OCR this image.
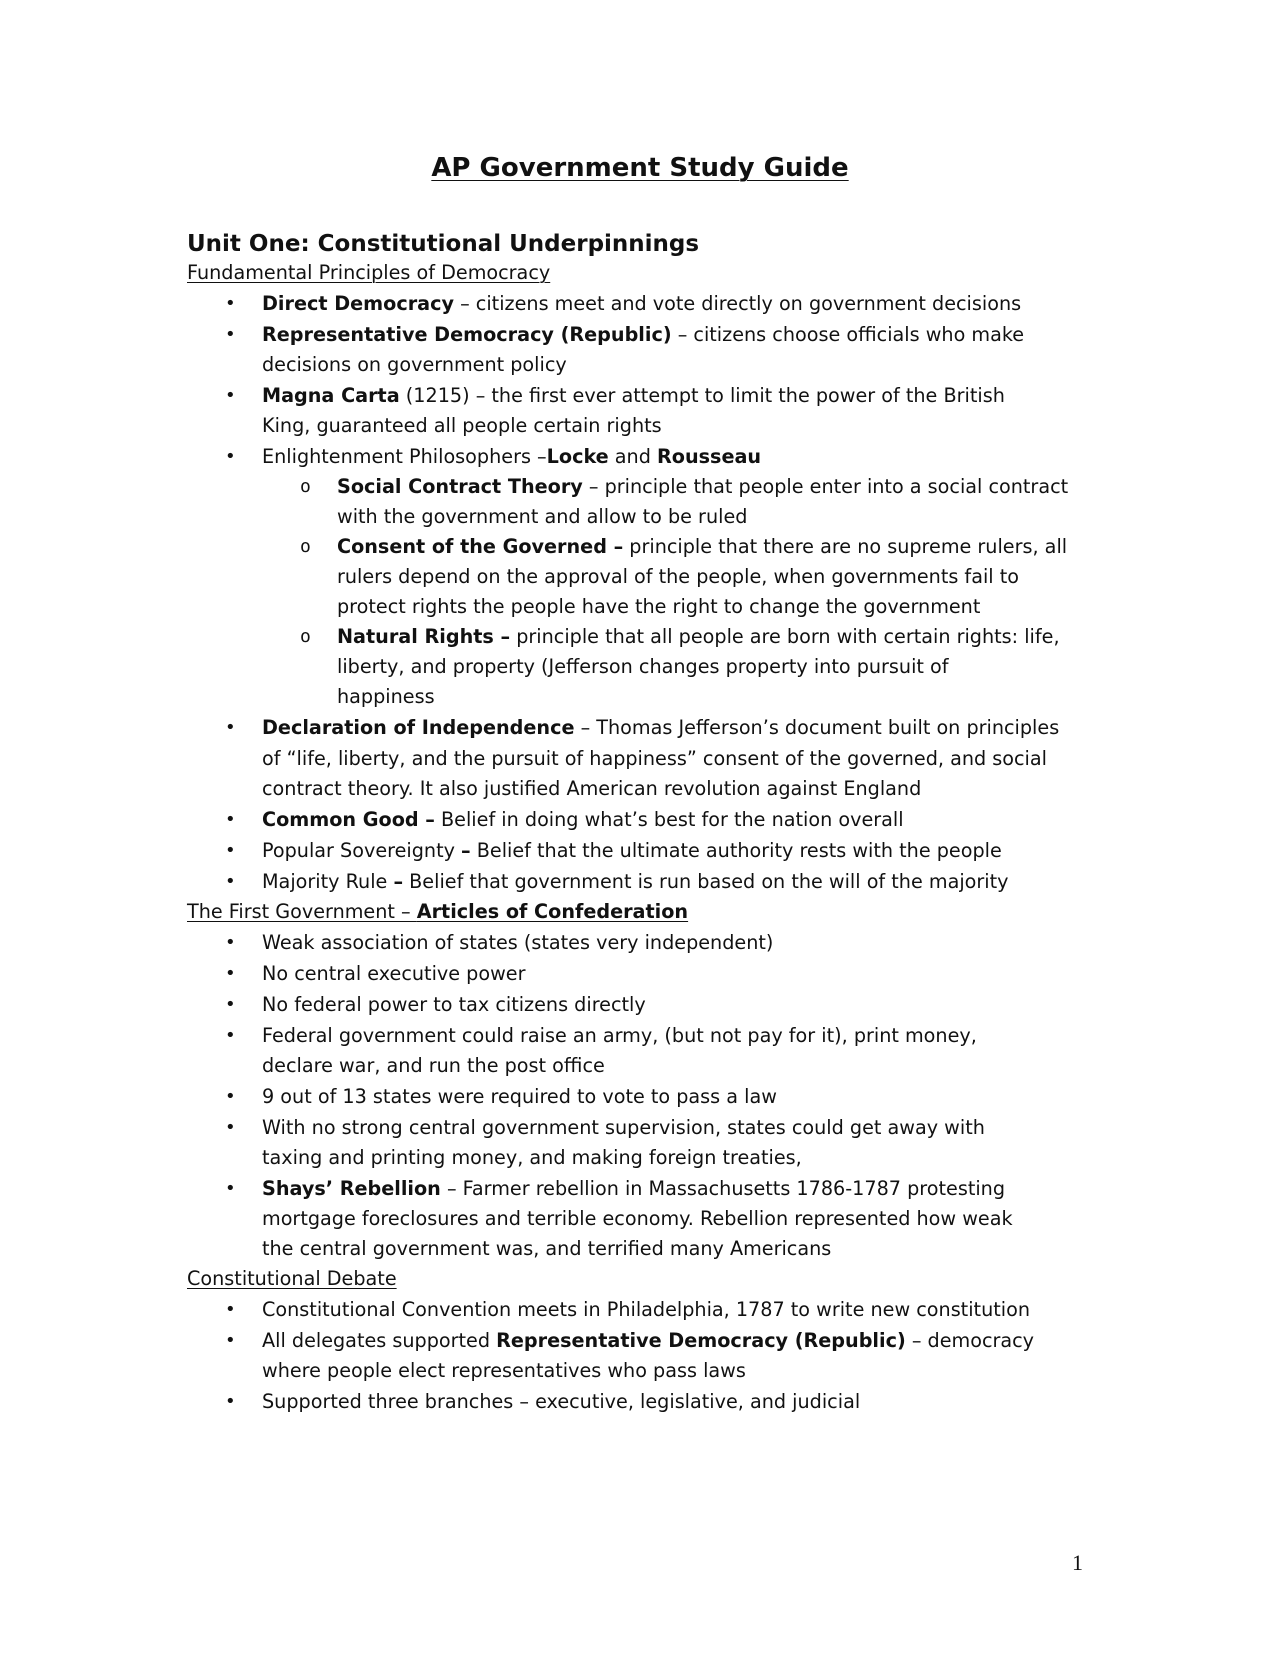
AP Government Study Guide
Unit One: Constitutional Underpinnings
Fundamental Principles of Democracy
• Direct Democracy – citizens meet and vote directly on government decisions
• Representative Democracy (Republic) – citizens choose officials who make
decisions on government policy
• Magna Carta (1215) – the first ever attempt to limit the power of the British
King, guaranteed all people certain rights
• Enlightenment Philosophers –Locke and Rousseau
o Social Contract Theory – principle that people enter into a social contract
with the government and allow to be ruled
o Consent of the Governed – principle that there are no supreme rulers, all
rulers depend on the approval of the people, when governments fail to
protect rights the people have the right to change the government
o Natural Rights – principle that all people are born with certain rights: life,
liberty, and property (Jefferson changes property into pursuit of
happiness
• Declaration of Independence – Thomas Jefferson’s document built on principles
of “life, liberty, and the pursuit of happiness” consent of the governed, and social
contract theory. It also justified American revolution against England
• Common Good – Belief in doing what’s best for the nation overall
• Popular Sovereignty – Belief that the ultimate authority rests with the people
• Majority Rule – Belief that government is run based on the will of the majority
The First Government – Articles of Confederation
• Weak association of states (states very independent)
• No central executive power
• No federal power to tax citizens directly
• Federal government could raise an army, (but not pay for it), print money,
declare war, and run the post office
• 9 out of 13 states were required to vote to pass a law
• With no strong central government supervision, states could get away with
taxing and printing money, and making foreign treaties,
• Shays’ Rebellion – Farmer rebellion in Massachusetts 1786-1787 protesting
mortgage foreclosures and terrible economy. Rebellion represented how weak
the central government was, and terrified many Americans
Constitutional Debate
• Constitutional Convention meets in Philadelphia, 1787 to write new constitution
• All delegates supported Representative Democracy (Republic) – democracy
where people elect representatives who pass laws
• Supported three branches – executive, legislative, and judicial
1
